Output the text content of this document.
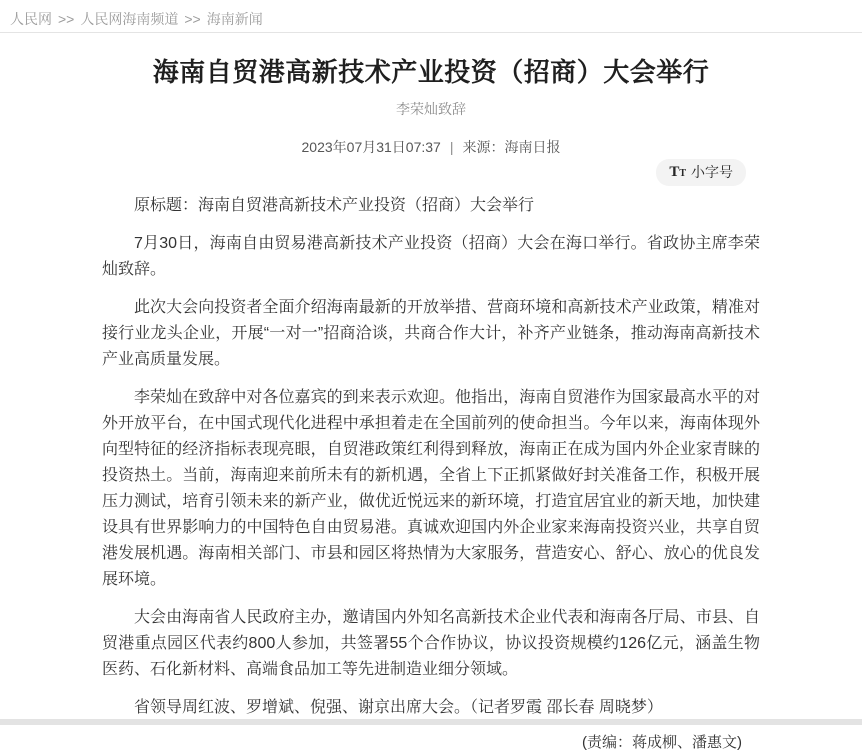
人民网 >> 人民网海南频道 >> 海南新闻
海南自贸港高新技术产业投资（招商）大会举行
李荣灿致辞
2023年07月31日07:37 | 来源：海南日报
T T 小字号

原标题：海南自贸港高新技术产业投资（招商）大会举行

7月30日，海南自由贸易港高新技术产业投资（招商）大会在海口举行。省政协主席李荣灿致辞。

此次大会向投资者全面介绍海南最新的开放举措、营商环境和高新技术产业政策，精准对接行业龙头企业，开展“一对一”招商洽谈，共商合作大计，补齐产业链条，推动海南高新技术产业高质量发展。

李荣灿在致辞中对各位嘉宾的到来表示欢迎。他指出，海南自贸港作为国家最高水平的对外开放平台，在中国式现代化进程中承担着走在全国前列的使命担当。今年以来，海南体现外向型特征的经济指标表现亮眼，自贸港政策红利得到释放，海南正在成为国内外企业家青睐的投资热土。当前，海南迎来前所未有的新机遇，全省上下正抓紧做好封关准备工作，积极开展压力测试，培育引领未来的新产业，做优近悦远来的新环境，打造宜居宜业的新天地，加快建设具有世界影响力的中国特色自由贸易港。真诚欢迎国内外企业家来海南投资兴业，共享自贸港发展机遇。海南相关部门、市县和园区将热情为大家服务，营造安心、舒心、放心的优良发展环境。

大会由海南省人民政府主办，邀请国内外知名高新技术企业代表和海南各厅局、市县、自贸港重点园区代表约800人参加，共签署55个合作协议，协议投资规模约126亿元，涵盖生物医药、石化新材料、高端食品加工等先进制造业细分领域。

省领导周红波、罗增斌、倪强、谢京出席大会。（记者罗霞 邵长春 周晓梦）

(责编：蒋成柳、潘惠文)
